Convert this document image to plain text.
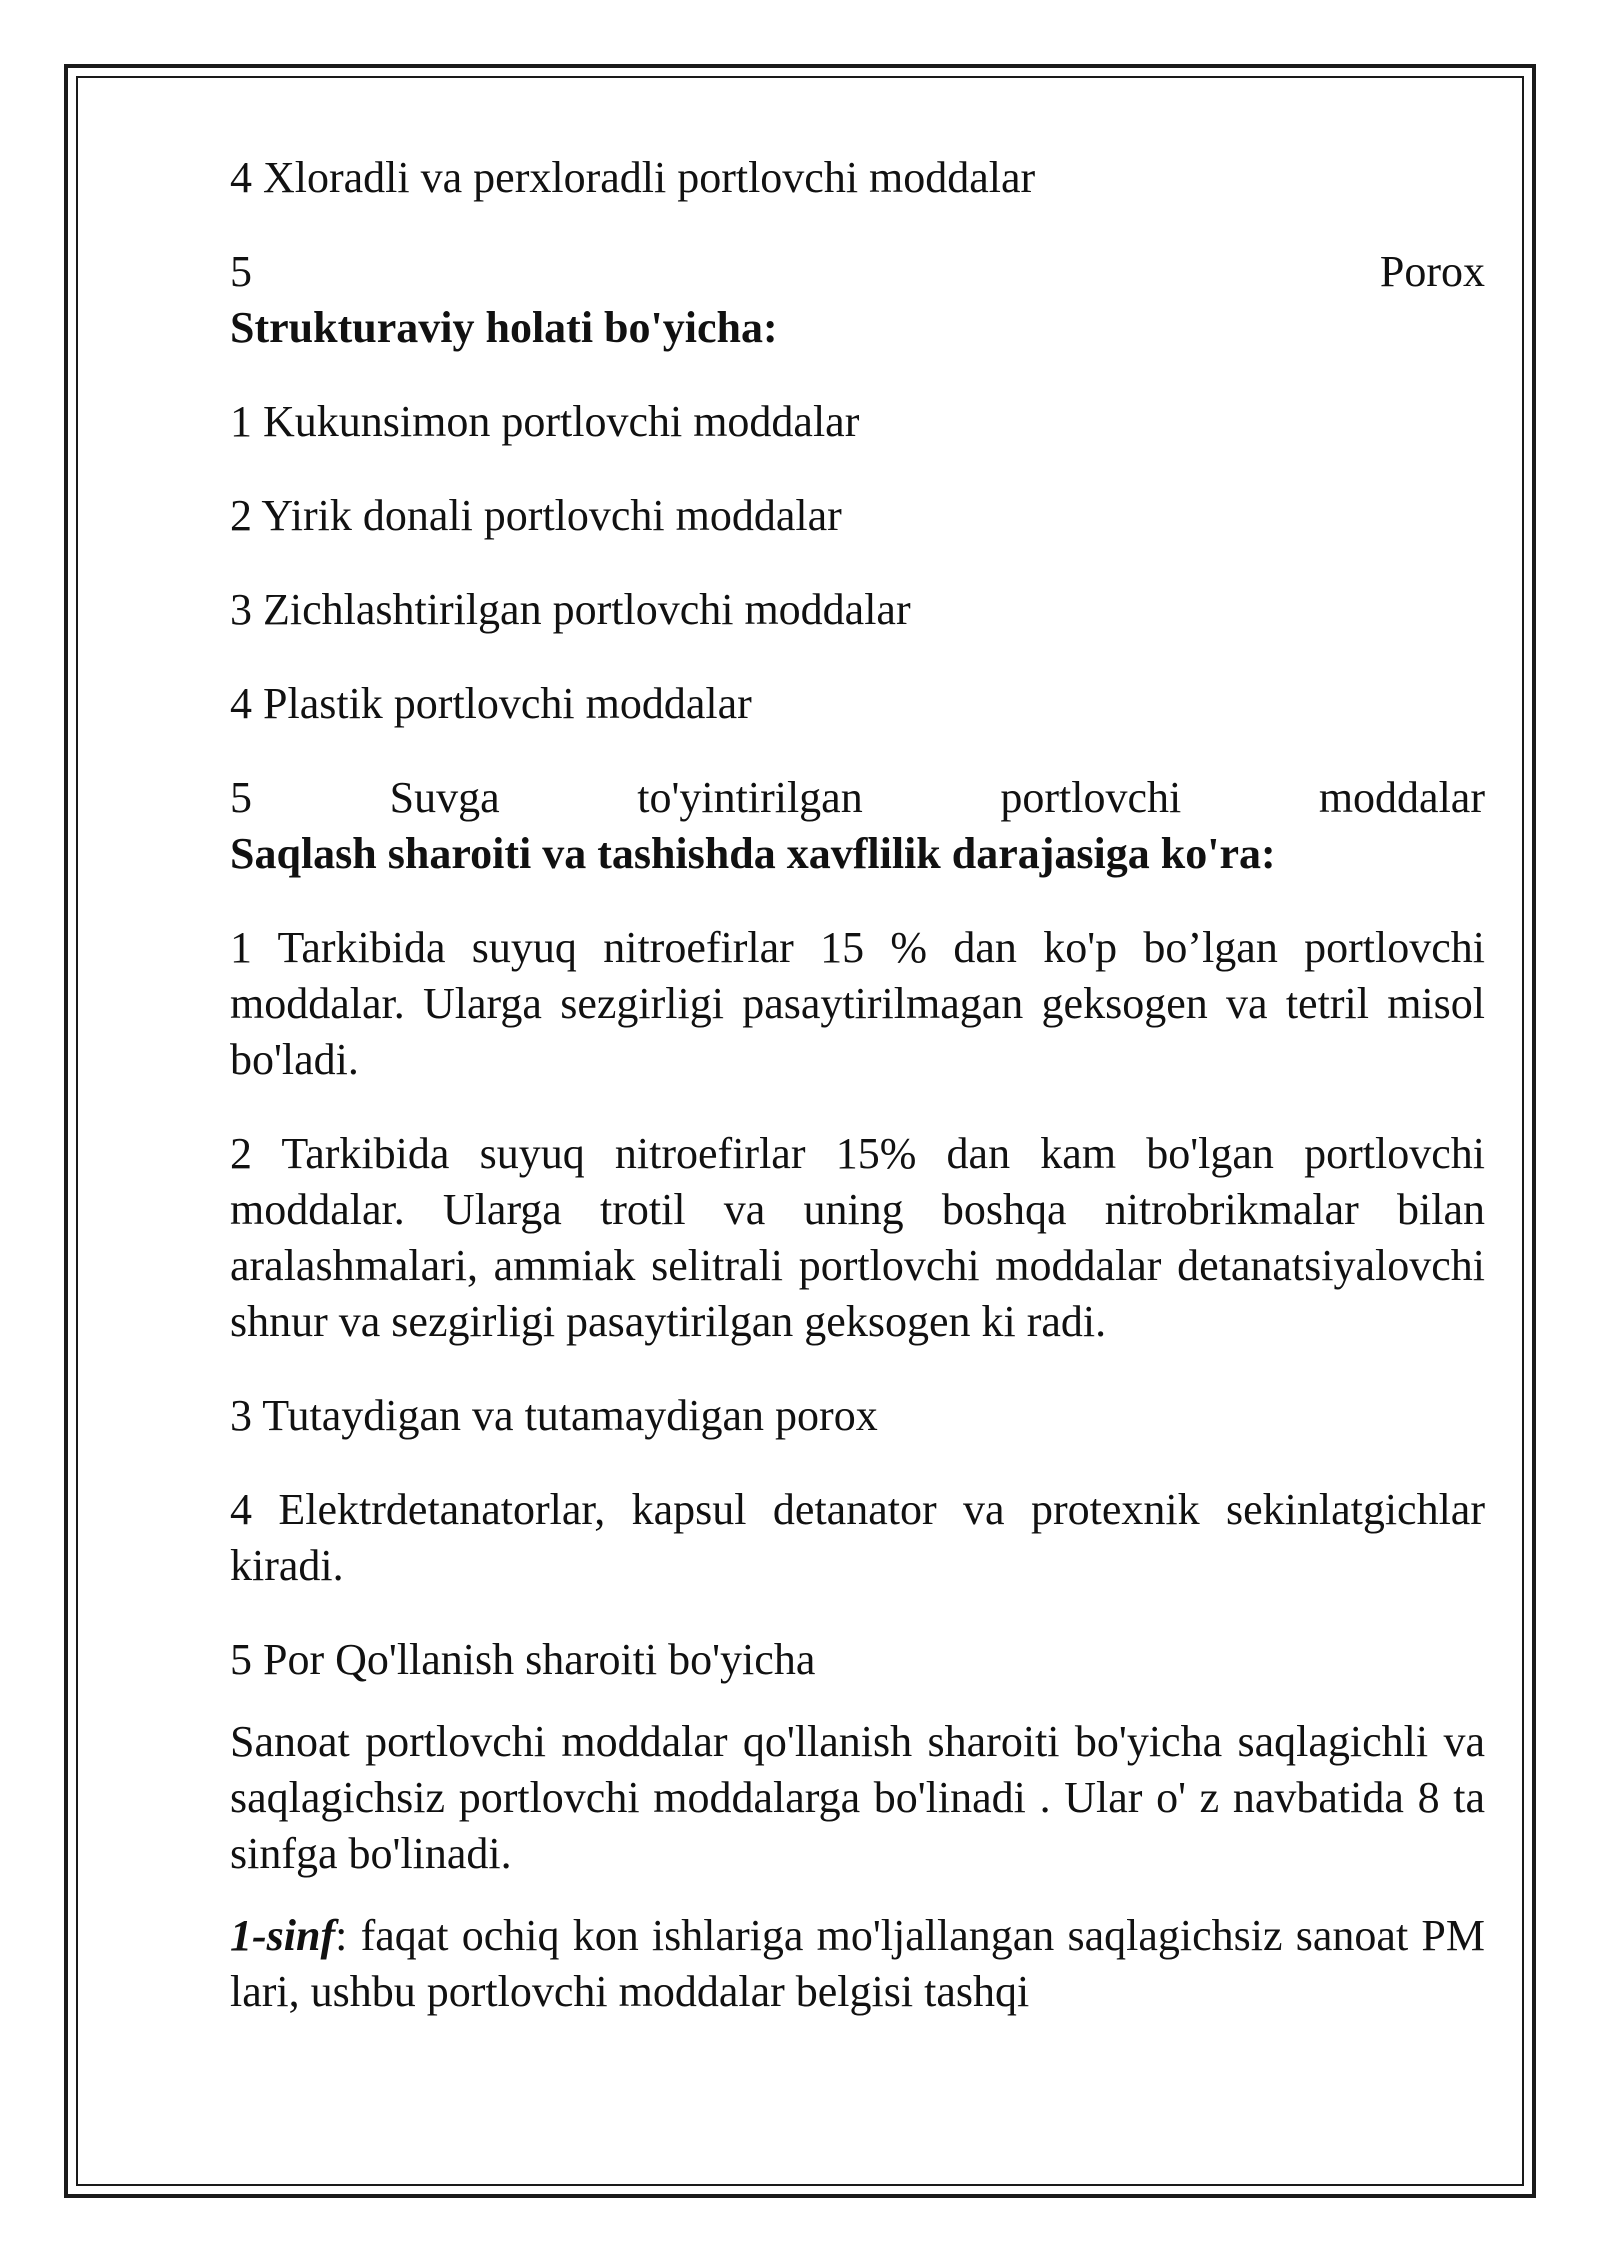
4 Xloradli va perxloradli portlovchi moddalar

5 Porox

Strukturaviy holati bo'yicha:

1 Kukunsimon portlovchi moddalar

2 Yirik donali portlovchi moddalar

3 Zichlashtirilgan portlovchi moddalar

4 Plastik portlovchi moddalar

5 Suvga to'yintirilgan portlovchi moddalar

Saqlash sharoiti va tashishda xavflilik darajasiga ko'ra:

1 Tarkibida suyuq nitroefirlar 15 % dan ko'p bo’lgan portlovchi moddalar. Ularga sezgirligi pasaytirilmagan geksogen va tetril misol bo'ladi.

2 Tarkibida suyuq nitroefirlar 15% dan kam bo'lgan portlovchi moddalar. Ularga trotil va uning boshqa nitrobrikmalar bilan aralashmalari, ammiak selitrali portlovchi moddalar detanatsiyalovchi shnur va sezgirligi pasaytirilgan geksogen ki radi.

3 Tutaydigan va tutamaydigan porox

4 Elektrdetanatorlar, kapsul detanator va protexnik sekinlatgichlar kiradi.

5 Por Qo'llanish sharoiti bo'yicha

Sanoat portlovchi moddalar qo'llanish sharoiti bo'yicha saqlagichli va saqlagichsiz portlovchi moddalarga bo'linadi . Ular o' z navbatida 8 ta sinfga bo'linadi.

1-sinf: faqat ochiq kon ishlariga mo'ljallangan saqlagichsiz sanoat PM lari, ushbu portlovchi moddalar belgisi tashqi
